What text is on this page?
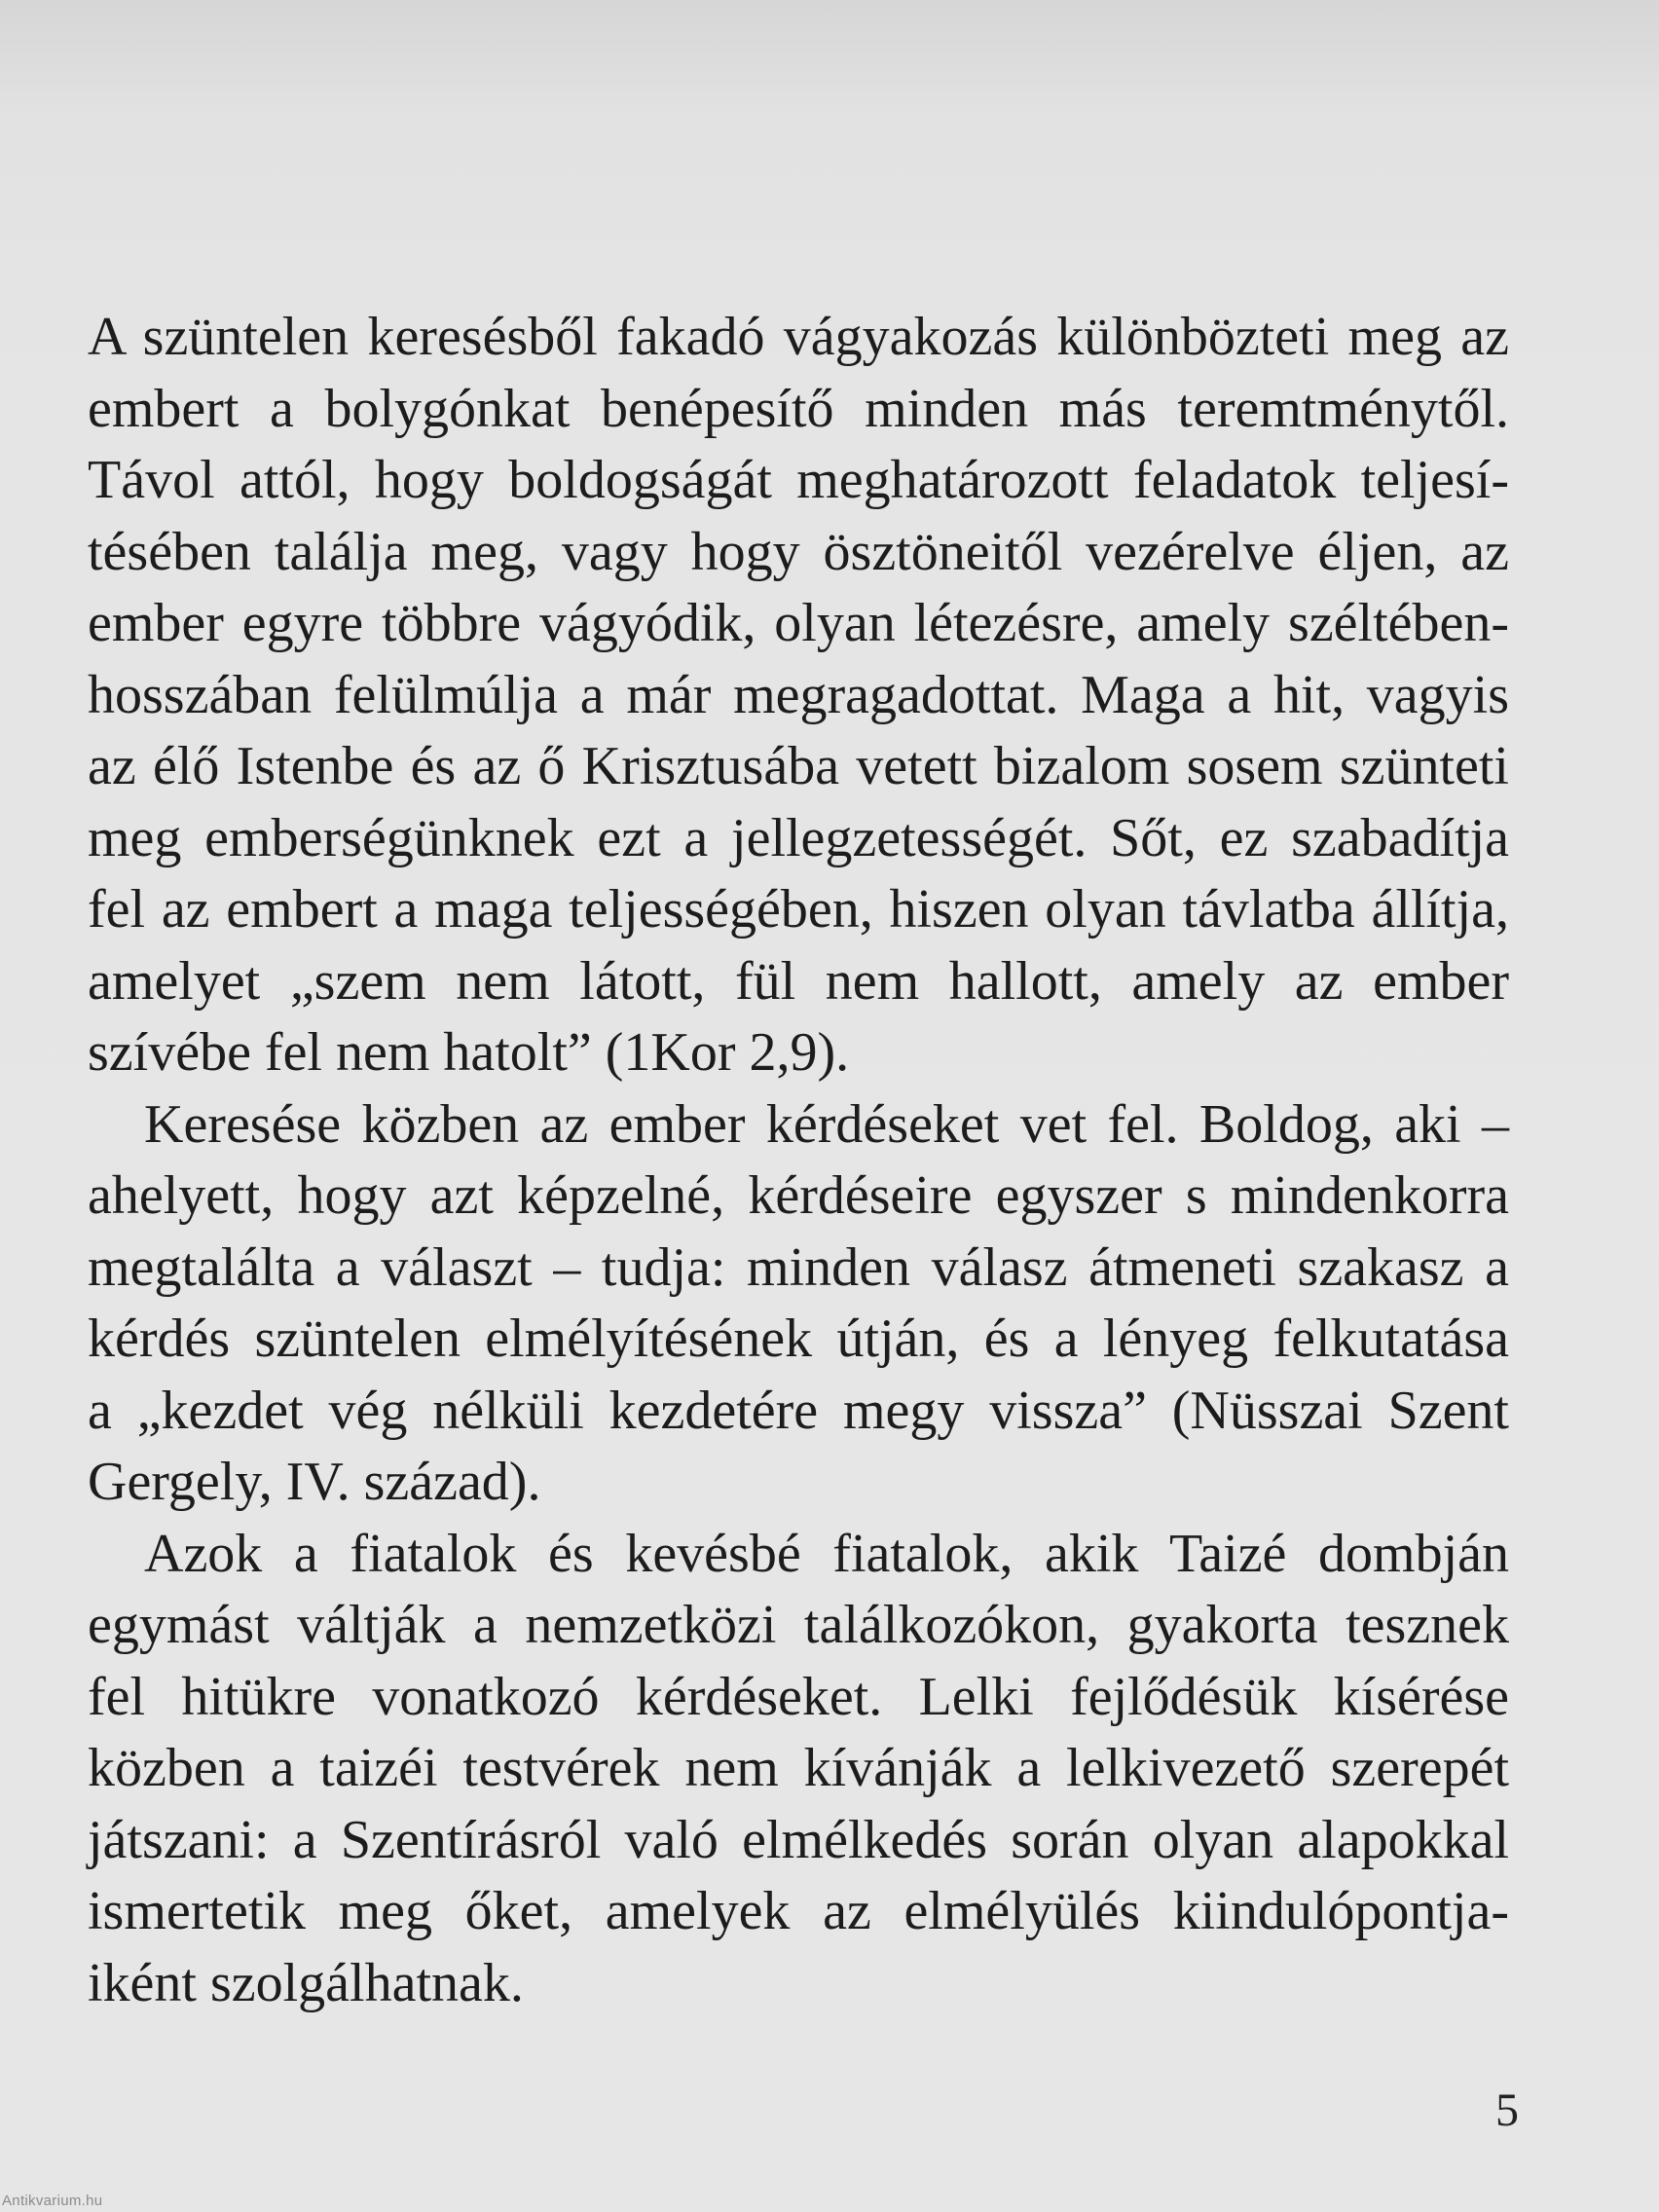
A szüntelen keresésből fakadó vágyakozás különbözteti meg az
embert a bolygónkat benépesítő minden más teremtménytől.
Távol attól, hogy boldogságát meghatározott feladatok teljesí-
tésében találja meg, vagy hogy ösztöneitől vezérelve éljen, az
ember egyre többre vágyódik, olyan létezésre, amely széltében-
hosszában felülmúlja a már megragadottat. Maga a hit, vagyis
az élő Istenbe és az ő Krisztusába vetett bizalom sosem szünteti
meg emberségünknek ezt a jellegzetességét. Sőt, ez szabadítja
fel az embert a maga teljességében, hiszen olyan távlatba állítja,
amelyet „szem nem látott, fül nem hallott, amely az ember
szívébe fel nem hatolt” (1Kor 2,9).

Keresése közben az ember kérdéseket vet fel. Boldog, aki –
ahelyett, hogy azt képzelné, kérdéseire egyszer s mindenkorra
megtalálta a választ – tudja: minden válasz átmeneti szakasz a
kérdés szüntelen elmélyítésének útján, és a lényeg felkutatása
a „kezdet vég nélküli kezdetére megy vissza” (Nüsszai Szent
Gergely, IV. század).

Azok a fiatalok és kevésbé fiatalok, akik Taizé dombján
egymást váltják a nemzetközi találkozókon, gyakorta tesznek
fel hitükre vonatkozó kérdéseket. Lelki fejlődésük kísérése
közben a taizéi testvérek nem kívánják a lelkivezető szerepét
játszani: a Szentírásról való elmélkedés során olyan alapokkal
ismertetik meg őket, amelyek az elmélyülés kiindulópontja-
iként szolgálhatnak.

5
Antikvarium.hu
